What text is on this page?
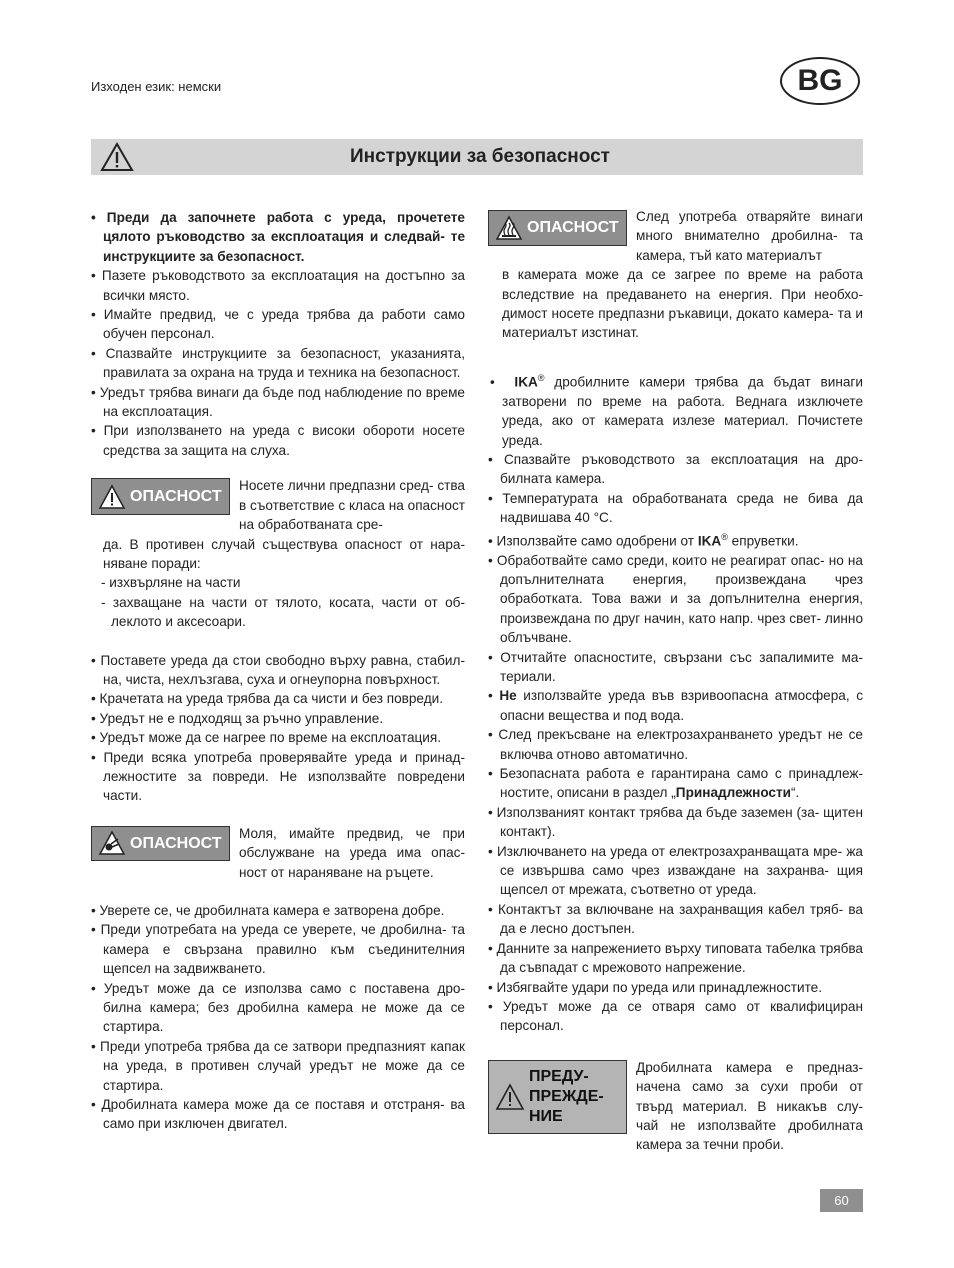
Изходен език: немски	BG
Инструкции за безопасност

• Преди да започнете работа с уреда, прочетете цялото ръководство за експлоатация и следвай- те инструкциите за безопасност.

• Пазете ръководството за експлоатация на достъпно за всички място.

• Имайте предвид, че с уреда трябва да работи само обучен персонал.

• Спазвайте инструкциите за безопасност, указанията, правилата за охрана на труда и техника на безопасност.

• Уредът трябва винаги да бъде под наблюдение по време на експлоатация.

• При използването на уреда с високи обороти носете средства за защита на слуха.

ОПАСНОСТ

Носете лични предпазни сред- ства в съответствие с класа на опасност на обработваната сре-

да. В противен случай съществува опасност от нара- няване поради:

- изхвърляне на части

- захващане на части от тялото, косата, части от об- леклото и аксесоари.

• Поставете уреда да стои свободно върху равна, стабил- на, чиста, нехлъзгава, суха и огнеупорна повърхност.

• Крачетата на уреда трябва да са чисти и без повреди.

• Уредът не е подходящ за ръчно управление.

• Уредът може да се нагрее по време на експлоатация.

• Преди всяка употреба проверявайте уреда и принад- лежностите за повреди. Не използвайте повредени части.

ОПАСНОСТ

Моля, имайте предвид, че при обслужване на уреда има опас- ност от нараняване на ръцете.

• Уверете се, че дробилната камера е затворена добре.

• Преди употребата на уреда се уверете, че дробилна- та камера е свързана правилно към съединителния щепсел на задвижването.

• Уредът може да се използва само с поставена дро- билна камера; без дробилна камера не може да се стартира.

• Преди употреба трябва да се затвори предпазният капак на уреда, в противен случай уредът не може да се стартира.

• Дробилната камера може да се поставя и отстраня- ва само при изключен двигател.

ОПАСНОСТ

След употреба отваряйте винаги много внимателно дробилна- та камера, тъй като материалът

в камерата може да се загрее по време на работа вследствие на предаването на енергия. При необхо- димост носете предпазни ръкавици, докато камера- та и материалът изстинат.

•  IKA® дробилните камери трябва да бъдат винаги затворени по време на работа. Веднага изключете уреда, ако от камерата излезе материал. Почистете уреда.

• Спазвайте ръководството за експлоатация на дро- билната камера.

• Температурата на обработваната среда не бива да надвишава 40 °C.

• Използвайте само одобрени от IKA® епруветки.

• Обработвайте само среди, които не реагират опас- но на допълнителната енергия, произвеждана чрез обработката. Това важи и за допълнителна енергия, произвеждана по друг начин, като напр. чрез свет- линно облъчване.

• Отчитайте опасностите, свързани със запалимите ма- териали.

• Не използвайте уреда във взривоопасна атмосфера, с опасни вещества и под вода.

• След прекъсване на електрозахранването уредът не се включва отново автоматично.

• Безопасната работа е гарантирана само с принадлеж- ностите, описани в раздел „Принадлежности“.

• Използваният контакт трябва да бъде заземен (за- щитен контакт).

• Изключването на уреда от електрозахранващата мре- жа се извършва само чрез изваждане на захранва- щия щепсел от мрежата, съответно от уреда.

• Контактът за включване на захранващия кабел тряб- ва да е лесно достъпен.

• Данните за напрежението върху типовата табелка трябва да съвпадат с мрежовото напрежение.

• Избягвайте удари по уреда или принадлежностите.

• Уредът може да се отваря само от квалифициран персонал.

ПРЕДУ-
ПРЕЖДЕ-
НИЕ

Дробилната камера е предназ- начена само за сухи проби от твърд материал. В никакъв слу- чай не използвайте дробилната камера за течни проби.

60
